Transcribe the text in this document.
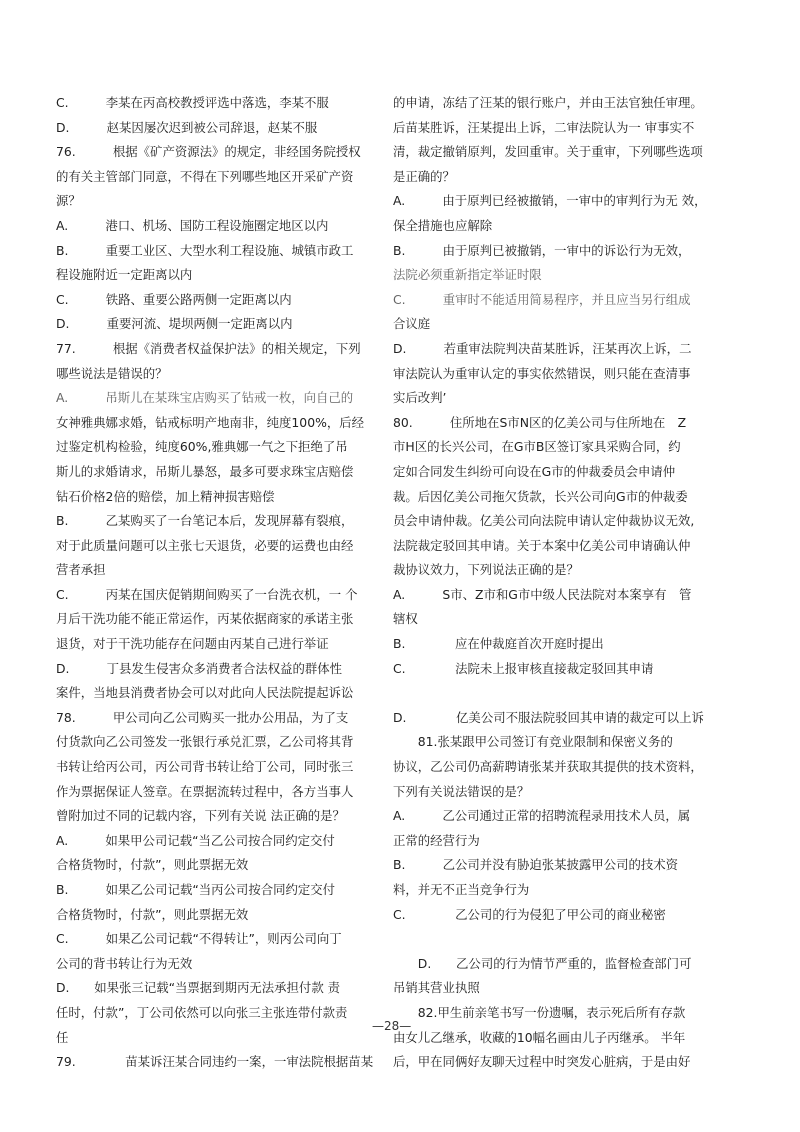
C.　　　李某在丙高校教授评选中落选，李某不服
D.　　　赵某因屡次迟到被公司辞退，赵某不服
76.　　　根据《矿产资源法》的规定，非经国务院授权
的有关主管部门同意，不得在下列哪些地区开采矿产资
源？
A.　　　港口、机场、国防工程设施圈定地区以内
B.　　　重要工业区、大型水利工程设施、城镇市政工
程设施附近一定距离以内
C.　　　铁路、重要公路两侧一定距离以内
D.　　　重要河流、堤坝两侧一定距离以内
77.　　　根据《消费者权益保护法》的相关规定，下列
哪些说法是错误的？
A.　　　吊斯儿在某珠宝店购买了钻戒一枚，向自己的
女神雅典娜求婚，钻戒标明产地南非，纯度100%，后经
过鉴定机构检验，纯度60%,雅典娜一气之下拒绝了吊
斯儿的求婚请求，吊斯儿暴怒，最多可要求珠宝店赔偿
钻石价格2倍的赔偿，加上精神损害赔偿
B.　　　乙某购买了一台笔记本后，发现屏幕有裂痕，
对于此质量问题可以主张七天退货，必要的运费也由经
营者承担
C.　　　丙某在国庆促销期间购买了一台洗衣机，一 个
月后干洗功能不能正常运作，丙某依据商家的承诺主张
退货，对于干洗功能存在问题由丙某自己进行举证
D.　　　丁县发生侵害众多消费者合法权益的群体性
案件，当地县消费者协会可以对此向人民法院提起诉讼
78.　　　甲公司向乙公司购买一批办公用品，为了支
付货款向乙公司签发一张银行承兑汇票，乙公司将其背
书转让给丙公司，丙公司背书转让给丁公司，同时张三
作为票据保证人签章。在票据流转过程中，各方当事人
曾附加过不同的记载内容，下列有关说 法正确的是？
A.　　　如果甲公司记载“当乙公司按合同约定交付
合格货物时，付款”，则此票据无效
B.　　　如果乙公司记载“当丙公司按合同约定交付
合格货物时，付款”，则此票据无效
C.　　　如果乙公司记载“不得转让”，则丙公司向丁
公司的背书转让行为无效
D.　　如果张三记载“当票据到期丙无法承担付款 责
任时，付款”，丁公司依然可以向张三主张连带付款责
任
79.　　　　苗某诉汪某合同违约一案，一审法院根据苗某
的申请，冻结了汪某的银行账户，并由王法官独任审理。
后苗某胜诉，汪某提出上诉，二审法院认为一 审事实不
清，裁定撤销原判，发回重审。关于重审，下列哪些选项
是正确的？
A.　　　由于原判已经被撤销，一审中的审判行为无 效，
保全措施也应解除
B.　　　由于原判已被撤销，一审中的诉讼行为无效，
法院必须重新指定举证时限
C.　　　重审时不能适用简易程序，并且应当另行组成
合议庭
D.　　　若重审法院判决苗某胜诉，汪某再次上诉，二
审法院认为重审认定的事实依然错误，则只能在查清事
实后改判’
80.　　　住所地在S市N区的亿美公司与住所地在　Z
市H区的长兴公司，在G市B区签订家具采购合同，约
定如合同发生纠纷可向设在G市的仲裁委员会申请仲
裁。后因亿美公司拖欠货款，长兴公司向G市的仲裁委
员会申请仲裁。亿美公司向法院申请认定仲裁协议无效,
法院裁定驳回其申请。关于本案中亿美公司申请确认仲
裁协议效力，下列说法正确的是？
A.　　　S市、Z市和G市中级人民法院对本案享有　管
辖权
B.　　　　应在仲裁庭首次开庭时提出
C.　　　　法院未上报审核直接裁定驳回其申请
D.　　　　亿美公司不服法院驳回其申请的裁定可以上诉
　　81.张某跟甲公司签订有竞业限制和保密义务的
协议，乙公司仍高薪聘请张某并获取其提供的技术资料，
下列有关说法错误的是？
A.　　　乙公司通过正常的招聘流程录用技术人员，属
正常的经营行为
B.　　　乙公司并没有胁迫张某披露甲公司的技术资
料，并无不正当竞争行为
C.　　　　乙公司的行为侵犯了甲公司的商业秘密
　　D.　　乙公司的行为情节严重的，监督检查部门可
吊销其营业执照
　　82.甲生前亲笔书写一份遗嘱，表示死后所有存款
由女儿乙继承，收藏的10幅名画由儿子丙继承。 半年
后，甲在同俩好友聊天过程中时突发心脏病，于是由好
—28—
